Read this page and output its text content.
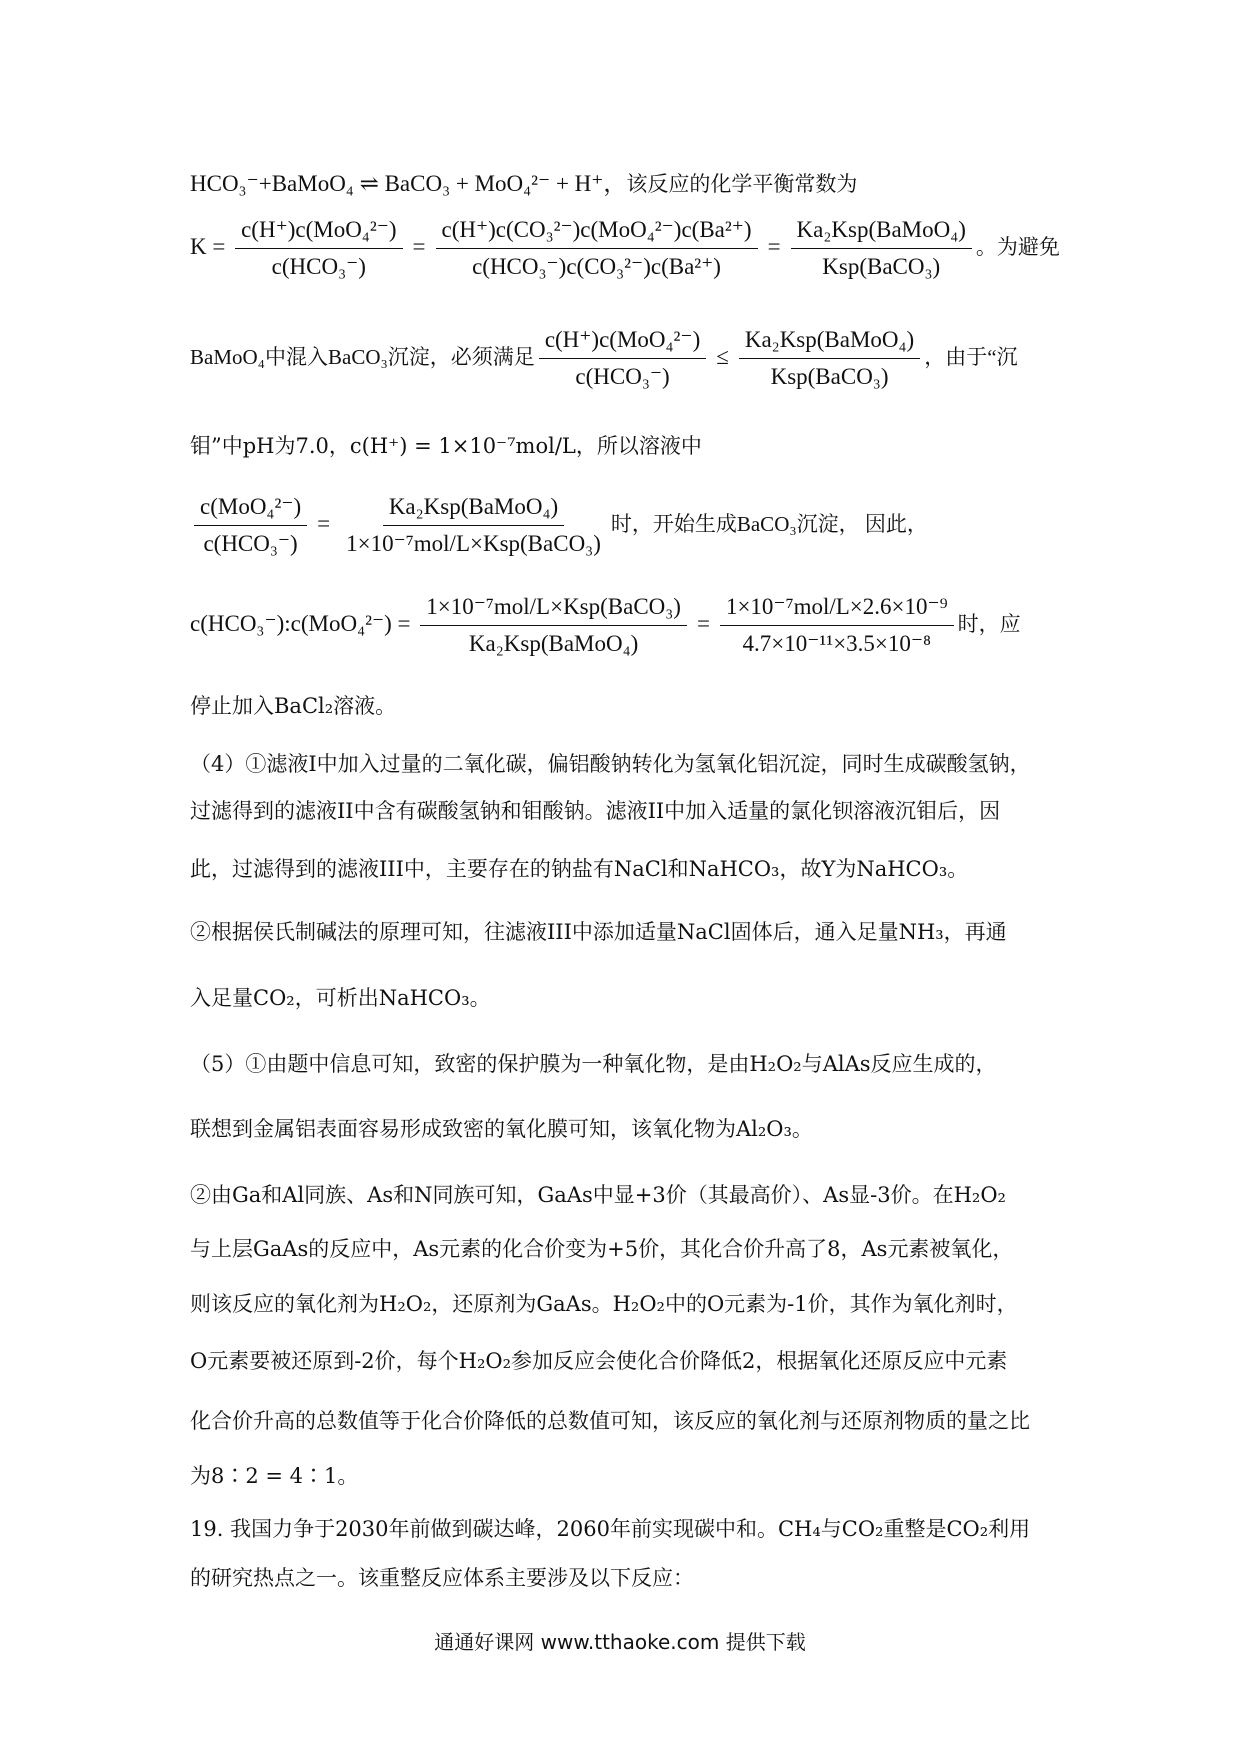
HCO₃⁻+BaMoO₄ ⇌ BaCO₃ + MoO₄²⁻ + H⁺，该反应的化学平衡常数为
$K = \frac{\text{c(H⁺)c(MoO₄²⁻)}}{\text{c(HCO₃⁻)}} = \frac{\text{c(H⁺)c(CO₃²⁻)c(MoO₄²⁻)c(Ba²⁺)}}{\text{c(HCO₃⁻)c(CO₃²⁻)c(Ba²⁺)}} = \frac{\text{Ka₂Ksp(BaMoO₄)}}{\text{Ksp(BaCO₃)}}$ 。为避免
BaMoO₄中混入BaCO₃沉淀，必须满足 $\frac{\text{c(H⁺)c(MoO₄²⁻)}}{\text{c(HCO₃⁻)}} \le \frac{\text{Ka₂Ksp(BaMoO₄)}}{\text{Ksp(BaCO₃)}}$ ，由于“沉
钼”中pH为7.0，c(H⁺) = 1×10⁻⁷mol/L，所以溶液中
$\frac{\text{c(MoO₄²⁻)}}{\text{c(HCO₃⁻)}} = \frac{\text{Ka₂Ksp(BaMoO₄)}}{\text{1×10⁻⁷mol/L×Ksp(BaCO₃)}}$ 时，开始生成BaCO₃沉淀， 因此，
c(HCO₃⁻):c(MoO₄²⁻) = $\frac{\text{1×10⁻⁷mol/L×Ksp(BaCO₃)}}{\text{Ka₂Ksp(BaMoO₄)}} = \frac{\text{1×10⁻⁷mol/L×2.6×10⁻⁹}}{\text{4.7×10⁻¹¹×3.5×10⁻⁸}}$ 时，应
停止加入BaCl₂溶液。
（4）①滤液I中加入过量的二氧化碳，偏铝酸钠转化为氢氧化铝沉淀，同时生成碳酸氢钠，
过滤得到的滤液II中含有碳酸氢钠和钼酸钠。滤液II中加入适量的氯化钡溶液沉钼后，因
此，过滤得到的滤液III中，主要存在的钠盐有NaCl和NaHCO₃，故Y为NaHCO₃。
②根据侯氏制碱法的原理可知，往滤液III中添加适量NaCl固体后，通入足量NH₃，再通
入足量CO₂，可析出NaHCO₃。
（5）①由题中信息可知，致密的保护膜为一种氧化物，是由H₂O₂与AlAs反应生成的，
联想到金属铝表面容易形成致密的氧化膜可知，该氧化物为Al₂O₃。
②由Ga和Al同族、As和N同族可知，GaAs中显+3价（其最高价）、As显-3价。在H₂O₂
与上层GaAs的反应中，As元素的化合价变为+5价，其化合价升高了8，As元素被氧化，
则该反应的氧化剂为H₂O₂，还原剂为GaAs。H₂O₂中的O元素为-1价，其作为氧化剂时，
O元素要被还原到-2价，每个H₂O₂参加反应会使化合价降低2，根据氧化还原反应中元素
化合价升高的总数值等于化合价降低的总数值可知，该反应的氧化剂与还原剂物质的量之比
为8∶2 = 4∶1。
19. 我国力争于2030年前做到碳达峰，2060年前实现碳中和。CH₄与CO₂重整是CO₂利用
的研究热点之一。该重整反应体系主要涉及以下反应：
通通好课网 www.tthaoke.com 提供下载
